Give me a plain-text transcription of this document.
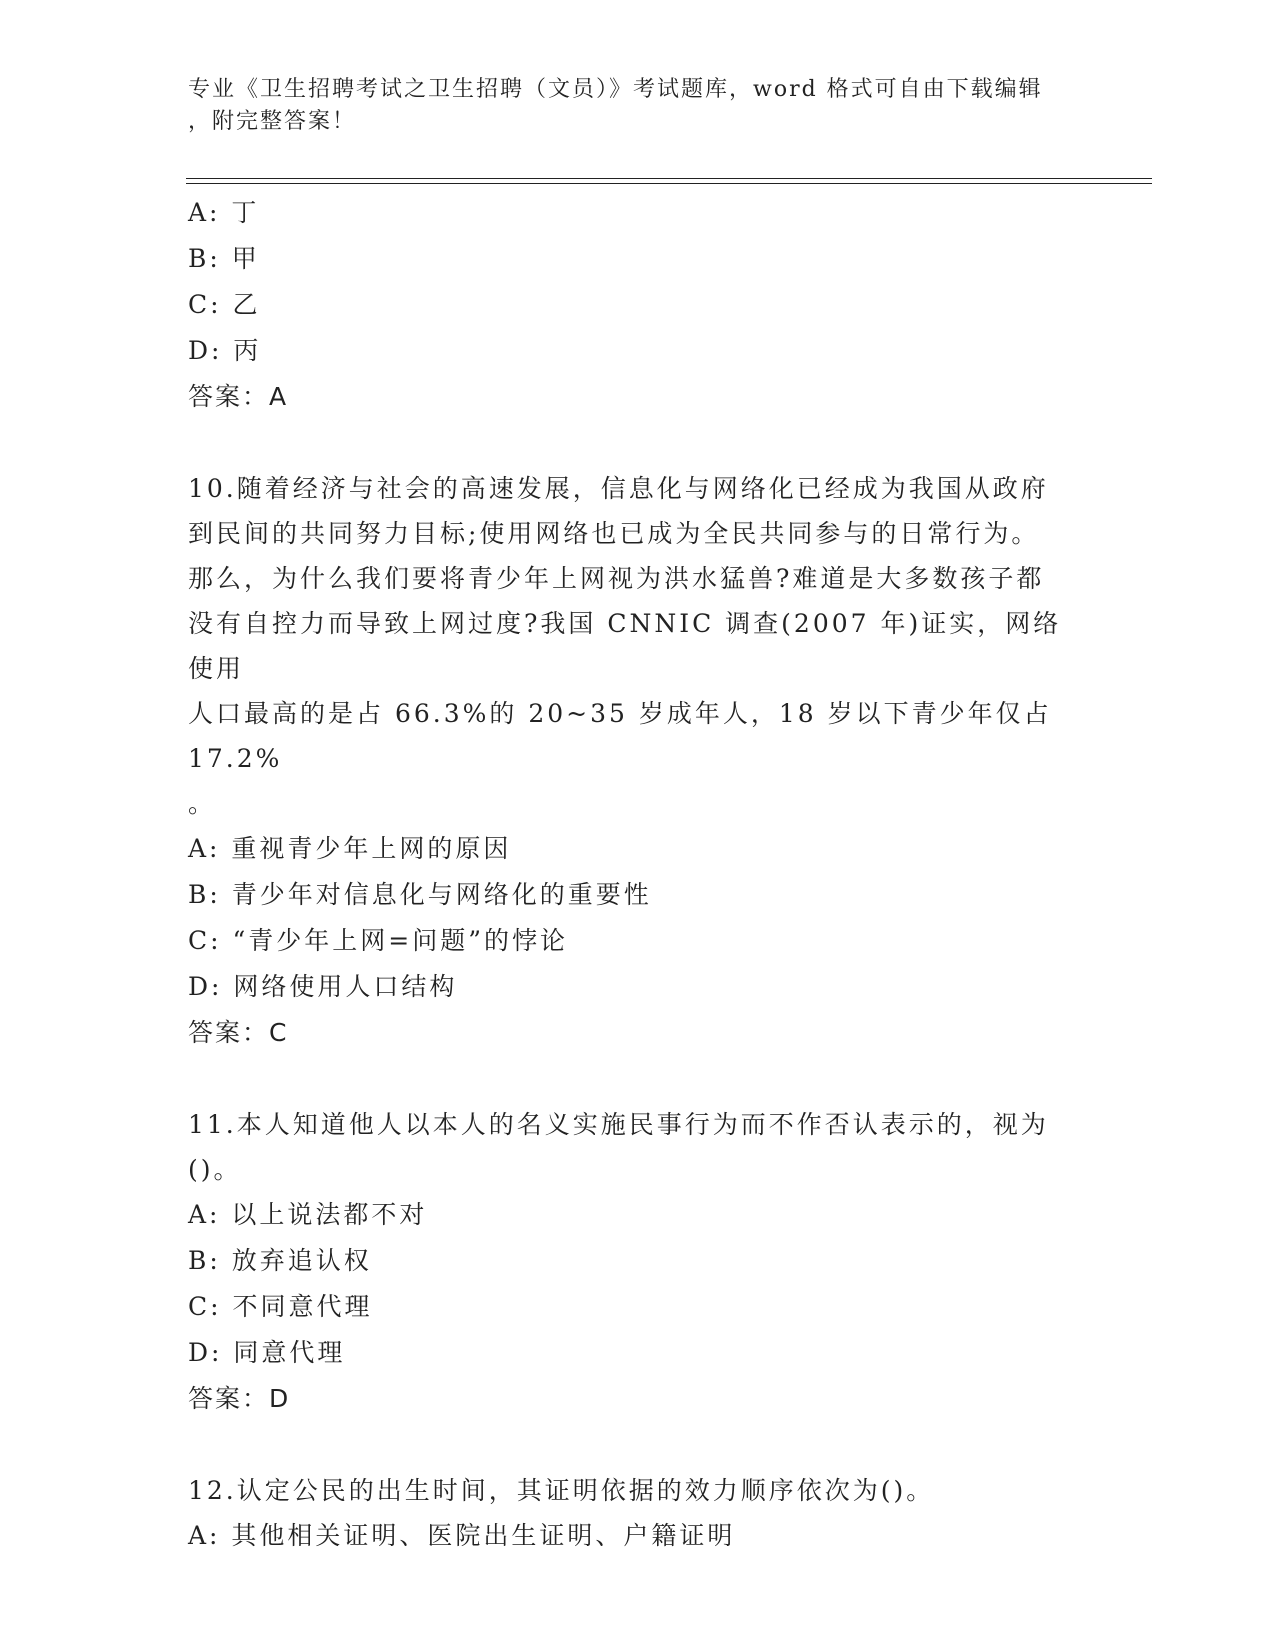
专业《卫生招聘考试之卫生招聘（文员）》考试题库，word 格式可自由下载编辑
，附完整答案！
A: 丁
B: 甲
C: 乙
D: 丙
答案：A
10.随着经济与社会的高速发展，信息化与网络化已经成为我国从政府
到民间的共同努力目标;使用网络也已成为全民共同参与的日常行为。
那么，为什么我们要将青少年上网视为洪水猛兽?难道是大多数孩子都
没有自控力而导致上网过度?我国 CNNIC 调查(2007 年)证实，网络使用
人口最高的是占 66.3%的 20~35 岁成年人，18 岁以下青少年仅占 17.2%
。
A: 重视青少年上网的原因
B: 青少年对信息化与网络化的重要性
C: “青少年上网=问题”的悖论
D: 网络使用人口结构
答案：C
11.本人知道他人以本人的名义实施民事行为而不作否认表示的，视为
()。
A: 以上说法都不对
B: 放弃追认权
C: 不同意代理
D: 同意代理
答案：D
12.认定公民的出生时间，其证明依据的效力顺序依次为()。
A: 其他相关证明、医院出生证明、户籍证明
